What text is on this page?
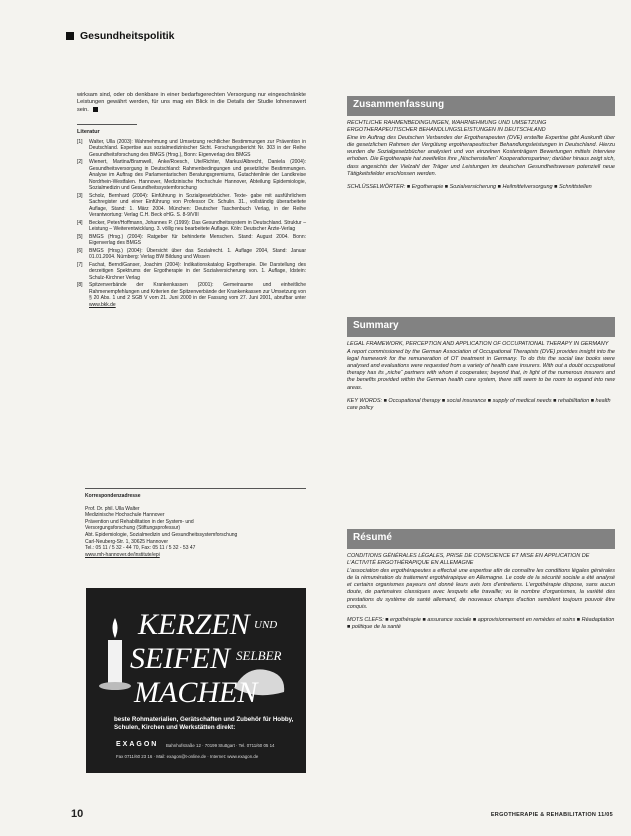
Gesundheitspolitik
wirksam sind, oder ob denkbare in einer bedarfsgerechten Versorgung nur eingeschränkte Leistungen gewährt werden, für uns mag ein Blick in die Details der Studie lohnenswert sein.
Literatur
[1]	Walter, Ulla (2003): Wahrnehmung und Umsetzung rechtlicher Bestimmungen zur Prävention in Deutschland. Expertise aus sozialmedizinischer Sicht. Forschungsbericht Nr. 303 in der Reihe Gesundheitsforschung des BMGS (Hrsg.), Bonn: Eigenverlag des BMGS
[2]	Wienert, Martina/Bramwell, Anke/Roesch, Ute/Richter, Markus/Albrecht, Daniela (2004): Gesundheitsversorgung in Deutschland: Rahmenbedingungen und gesetzliche Bestimmungen. Analyse im Auftrag des Parlamentarischen Beratungsgremiums, Gutachtenlinie der Landkreise Nordrhein-Westfalen. Hannover, Medizinische Hochschule Hannover, Abteilung Epidemiologie, Sozialmedizin und Gesundheitssystemforschung
[3]	Scholz, Bernhard (2004): Einführung in Sozialgesetzbücher. Texte- gabe mit ausführlichem Sachregister und einer Einführung von Professor Dr. Schulin. 31., vollständig überarbeitete Auflage, Stand: 1. März 2004. München: Deutscher Taschenbuch Verlag, in der Reihe Verantwortung: Verlag C.H. Beck oHG. S. 8-9/VIII
[4]	Becker, Peter/Hoffmann, Johannes P. (1999): Das Gesundheitssystem in Deutschland. Struktur – Leistung – Weiterentwicklung. 3. völlig neu bearbeitete Auflage. Köln: Deutscher Ärzte-Verlag
[5]	BMGS (Hrsg.) (2004): Ratgeber für behinderte Menschen. Stand: August 2004. Bonn: Eigenverlag des BMGS
[6]	BMGS (Hrsg.) (2004): Übersicht über das Sozialrecht. 1. Auflage 2004, Stand: Januar 01.01.2004. Nürnberg: Verlag BW Bildung und Wissen
[7]	Fachat, Bernd/Ganser, Joachim (2004): Indikationskatalog Ergotherapie. Die Darstellung des derzeitigen Spektrums der Ergotherapie in der Sozialversicherung von. 1. Auflage, Idstein: Schulz-Kirchner Verlag
[8]	Spitzenverbände der Krankenkassen (2001): Gemeinsame und einheitliche Rahmenempfehlungen und Kriterien der Spitzenverbände der Krankenkassen zur Umsetzung von § 20 Abs. 1 und 2 SGB V vom 21. Juni 2000 in der Fassung vom 27. Juni 2001, abrufbar unter www.bkk.de
Korrespondenzadresse
Prof. Dr. phil. Ulla Walter
Medizinische Hochschule Hannover
Prävention und Rehabilitation in der System- und
Versorgungsforschung (Stiftungsprofessur)
Abt. Epidemiologie, Sozialmedizin und Gesundheitssystemforschung
Carl-Neuberg-Str. 1, 30625 Hannover
Tel.: 05 11 / 5 32 - 44 70, Fax: 05 11 / 5 32 - 53 47
www.mh-hannover.de/institute/epi
KERZEN UND
SEIFEN SELBER
MACHEN
beste Rohmaterialien, Gerätschaften und Zubehör für Hobby, Schulen, Kirchen und Werkstätten direkt:
EXAGON Bahnhofstraße 12 · 70199 Stuttgart · Tel. 0711/60 05 14
Fax 0711/60 23 16 · Mail: exagon@t-online.de · Internet: www.exagon.de
Zusammenfassung
RECHTLICHE RAHMENBEDINGUNGEN, WAHRNEHMUNG UND UMSETZUNG ERGOTHERAPEUTISCHER BEHANDLUNGSLEISTUNGEN IN DEUTSCHLAND

Eine im Auftrag des Deutschen Verbandes der Ergotherapeuten (DVE) erstellte Expertise gibt Auskunft über die gesetzlichen Rahmen der Vergütung ergotherapeutischer Behandlungsleistungen in Deutschland. Hierzu wurden die Sozialgesetzbücher analysiert und von einzelnen Kostenträgern Bewertungen mittels Interview erhoben. Die Ergotherapie hat zweifellos ihre „Nischenstellen“ Kooperationspartner; darüber hinaus zeigt sich, dass angesichts der Vielzahl der Träger und Leistungen im deutschen Gesundheitswesen potenziell neue Tätigkeitsfelder erschlossen werden.

SCHLÜSSELWÖRTER: ■ Ergotherapie ■ Sozialversicherung ■ Heilmittelversorgung ■ Schnittstellen
Summary
LEGAL FRAMEWORK, PERCEPTION AND APPLICATION OF OCCUPATIONAL THERAPY IN GERMANY

A report commissioned by the German Association of Occupational Therapists (DVE) provides insight into the legal framework for the remuneration of OT treatment in Germany. To do this the social law books were analysed and evaluations were requested from a variety of health care insurers. With out a doubt occupational therapy has its „niche“ partners with whom it cooperates; beyond that, in light of the numerous insurers and the benefits provided within the German health care system, there still seem to be room to expand into new areas.

KEY WORDS: ■ Occupational therapy ■ social insurance ■ supply of medical needs ■ rehabilitation ■ health care policy
Résumé
CONDITIONS GÉNÉRALES LÉGALES, PRISE DE CONSCIENCE ET MISE EN APPLICATION DE L'ACTIVITÉ ERGOTHÉRAPIQUE EN ALLEMAGNE

L'association des ergothérapeutes a effectué une expertise afin de connaître les conditions légales générales de la rémunération du traitement ergothérapique en Allemagne. Le code de la sécurité sociale a été analysé et certains organismes payeurs ont donné leurs avis lors d'entretiens. L'ergothérapie dispose, sans aucun doute, de partenaires classiques avec lesquels elle travaille; vu le nombre d'organismes, la variété des prestations du système de santé allemand, de nouveaux champs d'action semblent toujours pouvoir être conquis.

MOTS CLEFS: ■ ergothérapie ■ assurance sociale ■ approvisionnement en remèdes et soins ■ Réadaptation ■ politique de la santé
10	ERGOTHERAPIE & REHABILITATION 11/05
